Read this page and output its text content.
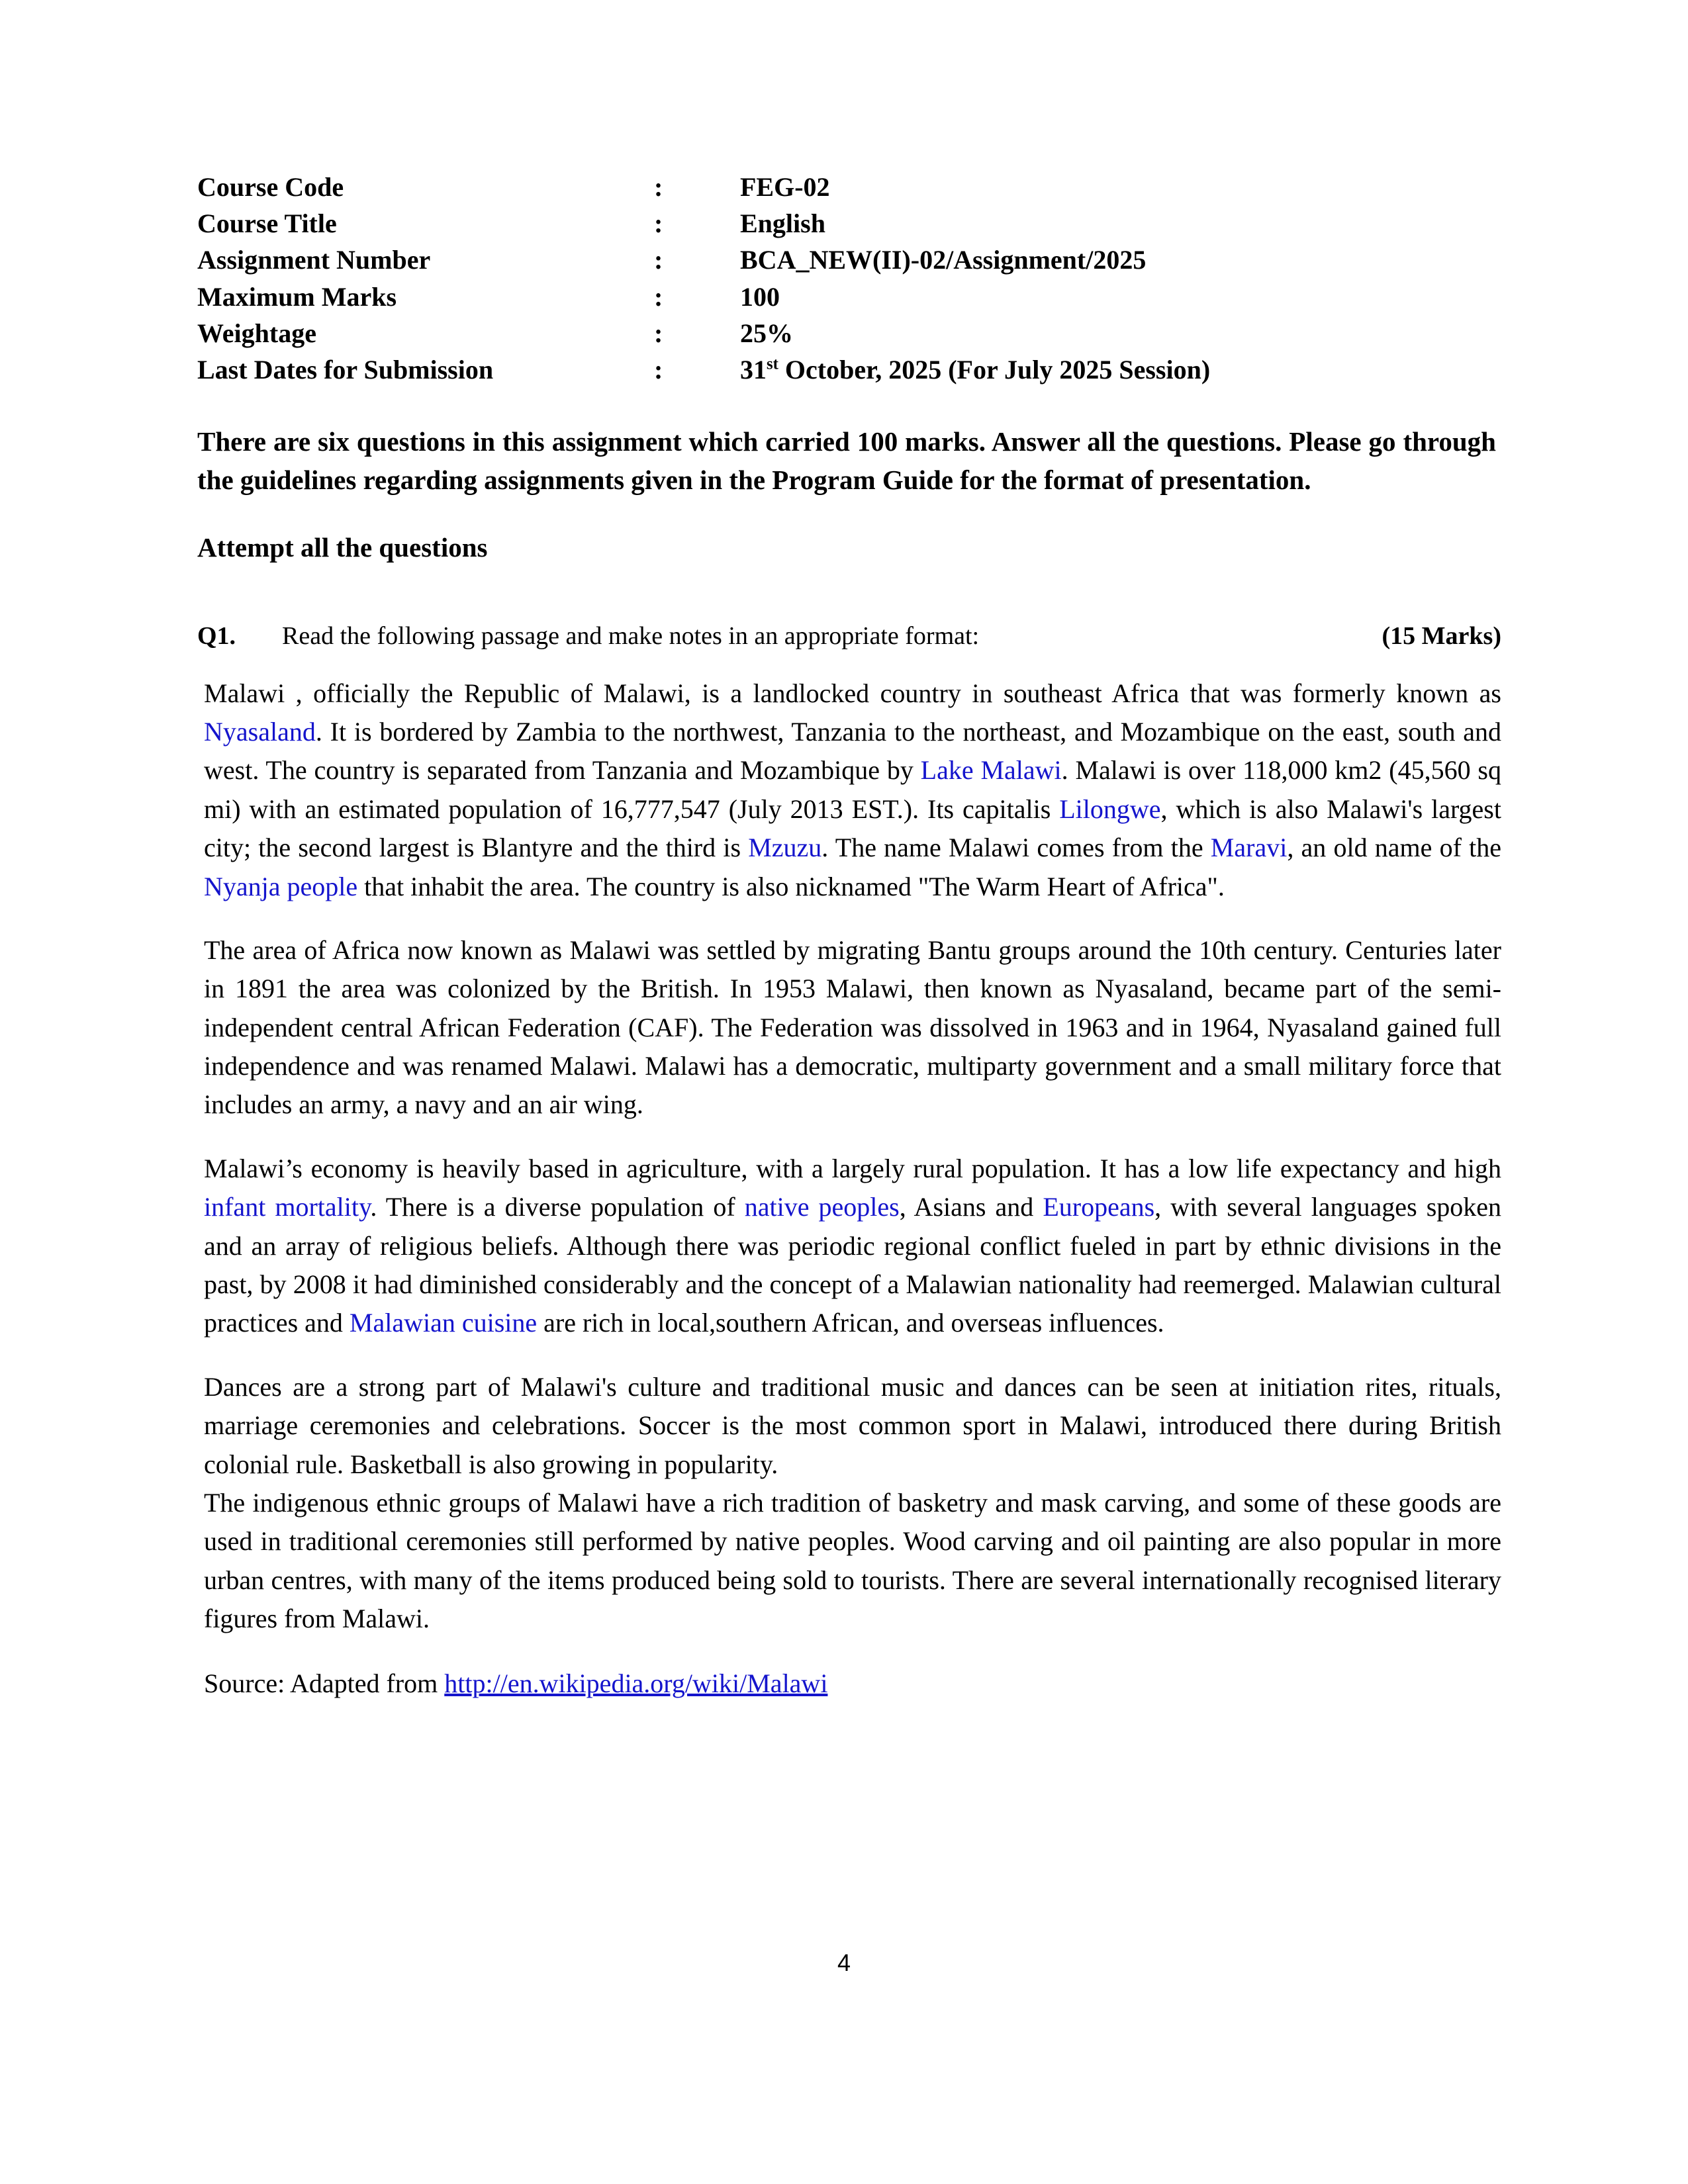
Course Code	:	FEG-02
Course Title	:	English
Assignment Number	:	BCA_NEW(II)-02/Assignment/2025
Maximum Marks	:	100
Weightage	:	25%
Last Dates for Submission	:	31st October, 2025 (For July 2025 Session)
There are six questions in this assignment which carried 100 marks. Answer all the questions. Please go through the guidelines regarding assignments given in the Program Guide for the format of presentation.
Attempt all the questions
Q1.	Read the following passage and make notes in an appropriate format:	(15 Marks)

Malawi , officially the Republic of Malawi, is a landlocked country in southeast Africa that was formerly known as Nyasaland. It is bordered by Zambia to the northwest, Tanzania to the northeast, and Mozambique on the east, south and west. The country is separated from Tanzania and Mozambique by Lake Malawi. Malawi is over 118,000 km2 (45,560 sq mi) with an estimated population of 16,777,547 (July 2013 EST.). Its capitalis Lilongwe, which is also Malawi's largest city; the second largest is Blantyre and the third is Mzuzu. The name Malawi comes from the Maravi, an old name of the Nyanja people that inhabit the area. The country is also nicknamed "The Warm Heart of Africa".

The area of Africa now known as Malawi was settled by migrating Bantu groups around the 10th century. Centuries later in 1891 the area was colonized by the British. In 1953 Malawi, then known as Nyasaland, became part of the semi-independent central African Federation (CAF). The Federation was dissolved in 1963 and in 1964, Nyasaland gained full independence and was renamed Malawi. Malawi has a democratic, multiparty government and a small military force that includes an army, a navy and an air wing.

Malawi’s economy is heavily based in agriculture, with a largely rural population. It has a low life expectancy and high infant mortality. There is a diverse population of native peoples, Asians and Europeans, with several languages spoken and an array of religious beliefs. Although there was periodic regional conflict fueled in part by ethnic divisions in the past, by 2008 it had diminished considerably and the concept of a Malawian nationality had reemerged. Malawian cultural practices and Malawian cuisine are rich in local,southern African, and overseas influences.

Dances are a strong part of Malawi's culture and traditional music and dances can be seen at initiation rites, rituals, marriage ceremonies and celebrations. Soccer is the most common sport in Malawi, introduced there during British colonial rule. Basketball is also growing in popularity.

The indigenous ethnic groups of Malawi have a rich tradition of basketry and mask carving, and some of these goods are used in traditional ceremonies still performed by native peoples. Wood carving and oil painting are also popular in more urban centres, with many of the items produced being sold to tourists. There are several internationally recognised literary figures from Malawi.

Source: Adapted from http://en.wikipedia.org/wiki/Malawi
4
